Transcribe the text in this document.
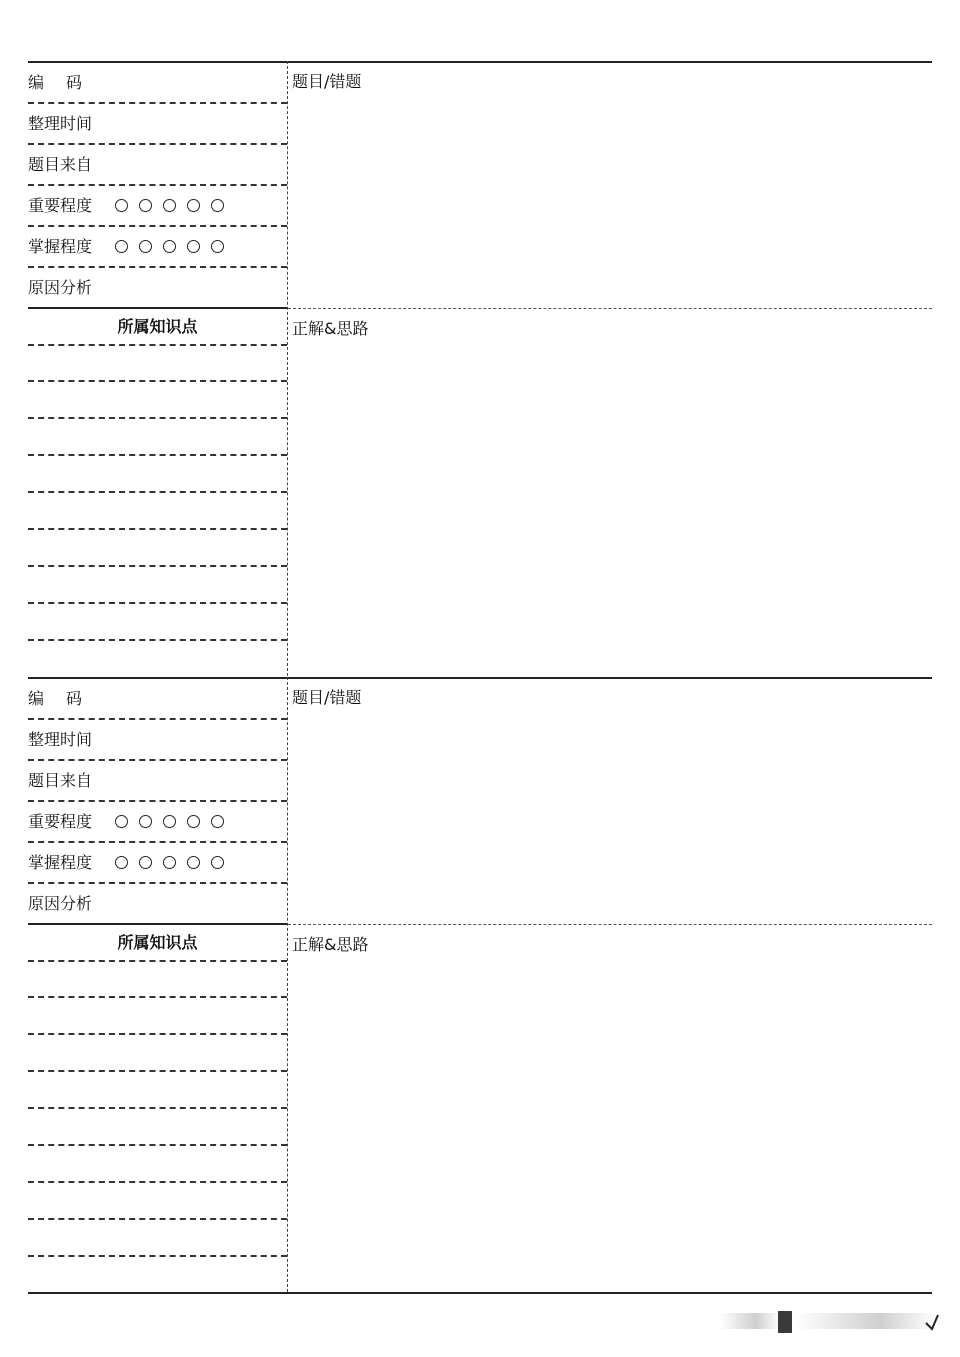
编码
整理时间
题目来自
重要程度
掌握程度
原因分析
题目/错题
正解&思路
所属知识点
编码
整理时间
题目来自
重要程度
掌握程度
原因分析
题目/错题
正解&思路
所属知识点
